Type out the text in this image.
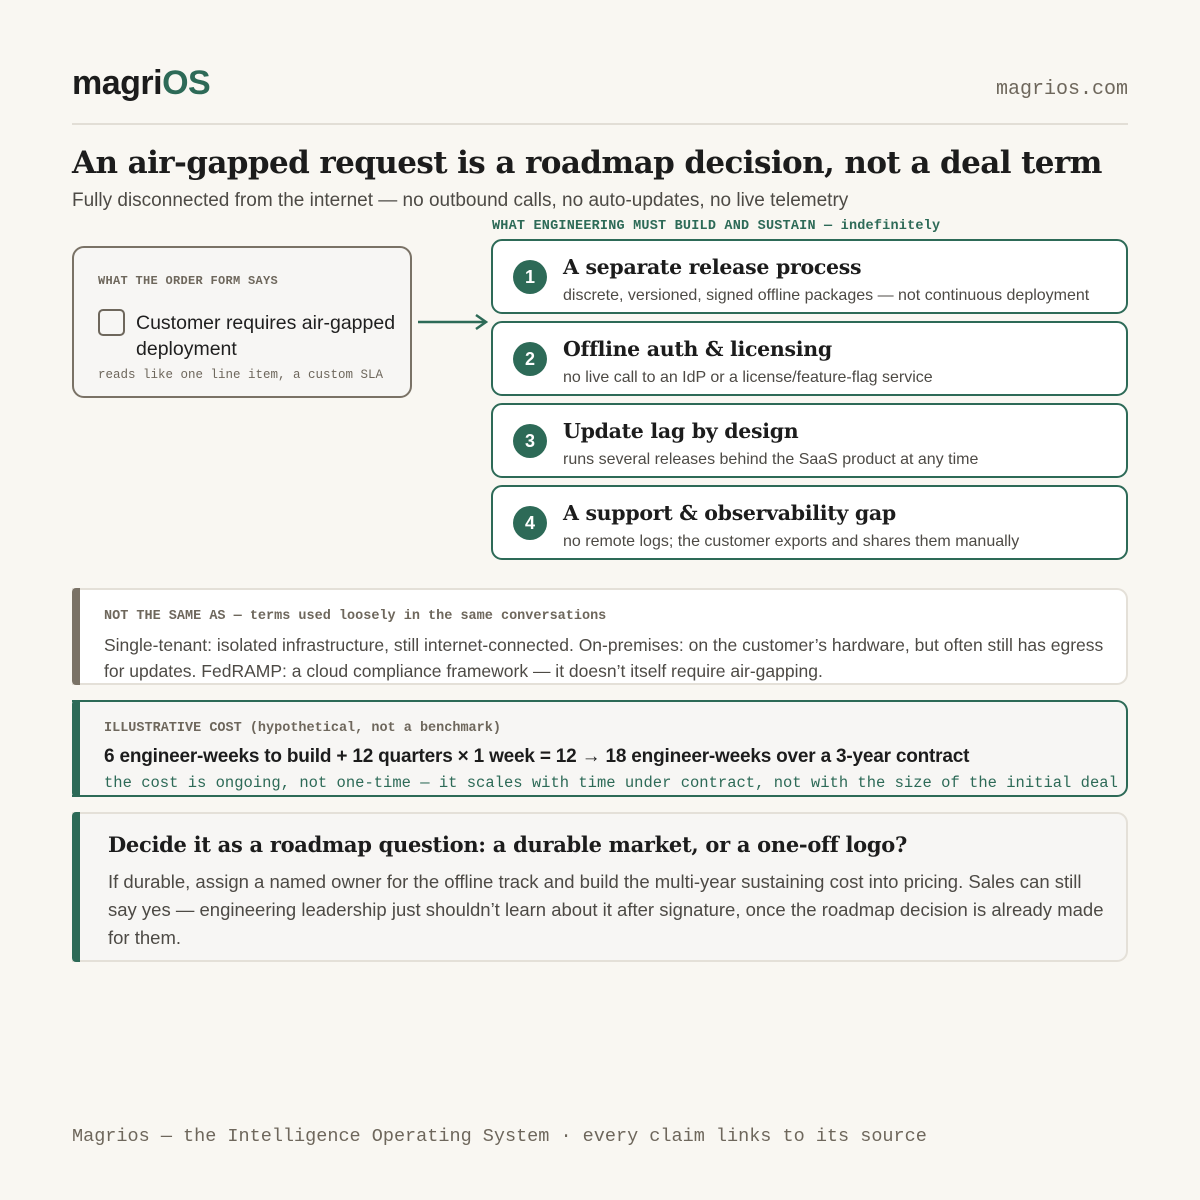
magriOS	magrios.com
An air-gapped request is a roadmap decision, not a deal term
Fully disconnected from the internet — no outbound calls, no auto-updates, no live telemetry
WHAT THE ORDER FORM SAYS
Customer requires air-gapped deployment
reads like one line item, a custom SLA
WHAT ENGINEERING MUST BUILD AND SUSTAIN — indefinitely
1	A separate release process
discrete, versioned, signed offline packages — not continuous deployment
2	Offline auth & licensing
no live call to an IdP or a license/feature-flag service
3	Update lag by design
runs several releases behind the SaaS product at any time
4	A support & observability gap
no remote logs; the customer exports and shares them manually
NOT THE SAME AS — terms used loosely in the same conversations
Single-tenant: isolated infrastructure, still internet-connected. On-premises: on the customer’s hardware, but often still has egress for updates. FedRAMP: a cloud compliance framework — it doesn’t itself require air-gapping.
ILLUSTRATIVE COST (hypothetical, not a benchmark)
6 engineer-weeks to build + 12 quarters × 1 week = 12 → 18 engineer-weeks over a 3-year contract
the cost is ongoing, not one-time — it scales with time under contract, not with the size of the initial deal
Decide it as a roadmap question: a durable market, or a one-off logo?
If durable, assign a named owner for the offline track and build the multi-year sustaining cost into pricing. Sales can still say yes — engineering leadership just shouldn’t learn about it after signature, once the roadmap decision is already made for them.
Magrios — the Intelligence Operating System · every claim links to its source
